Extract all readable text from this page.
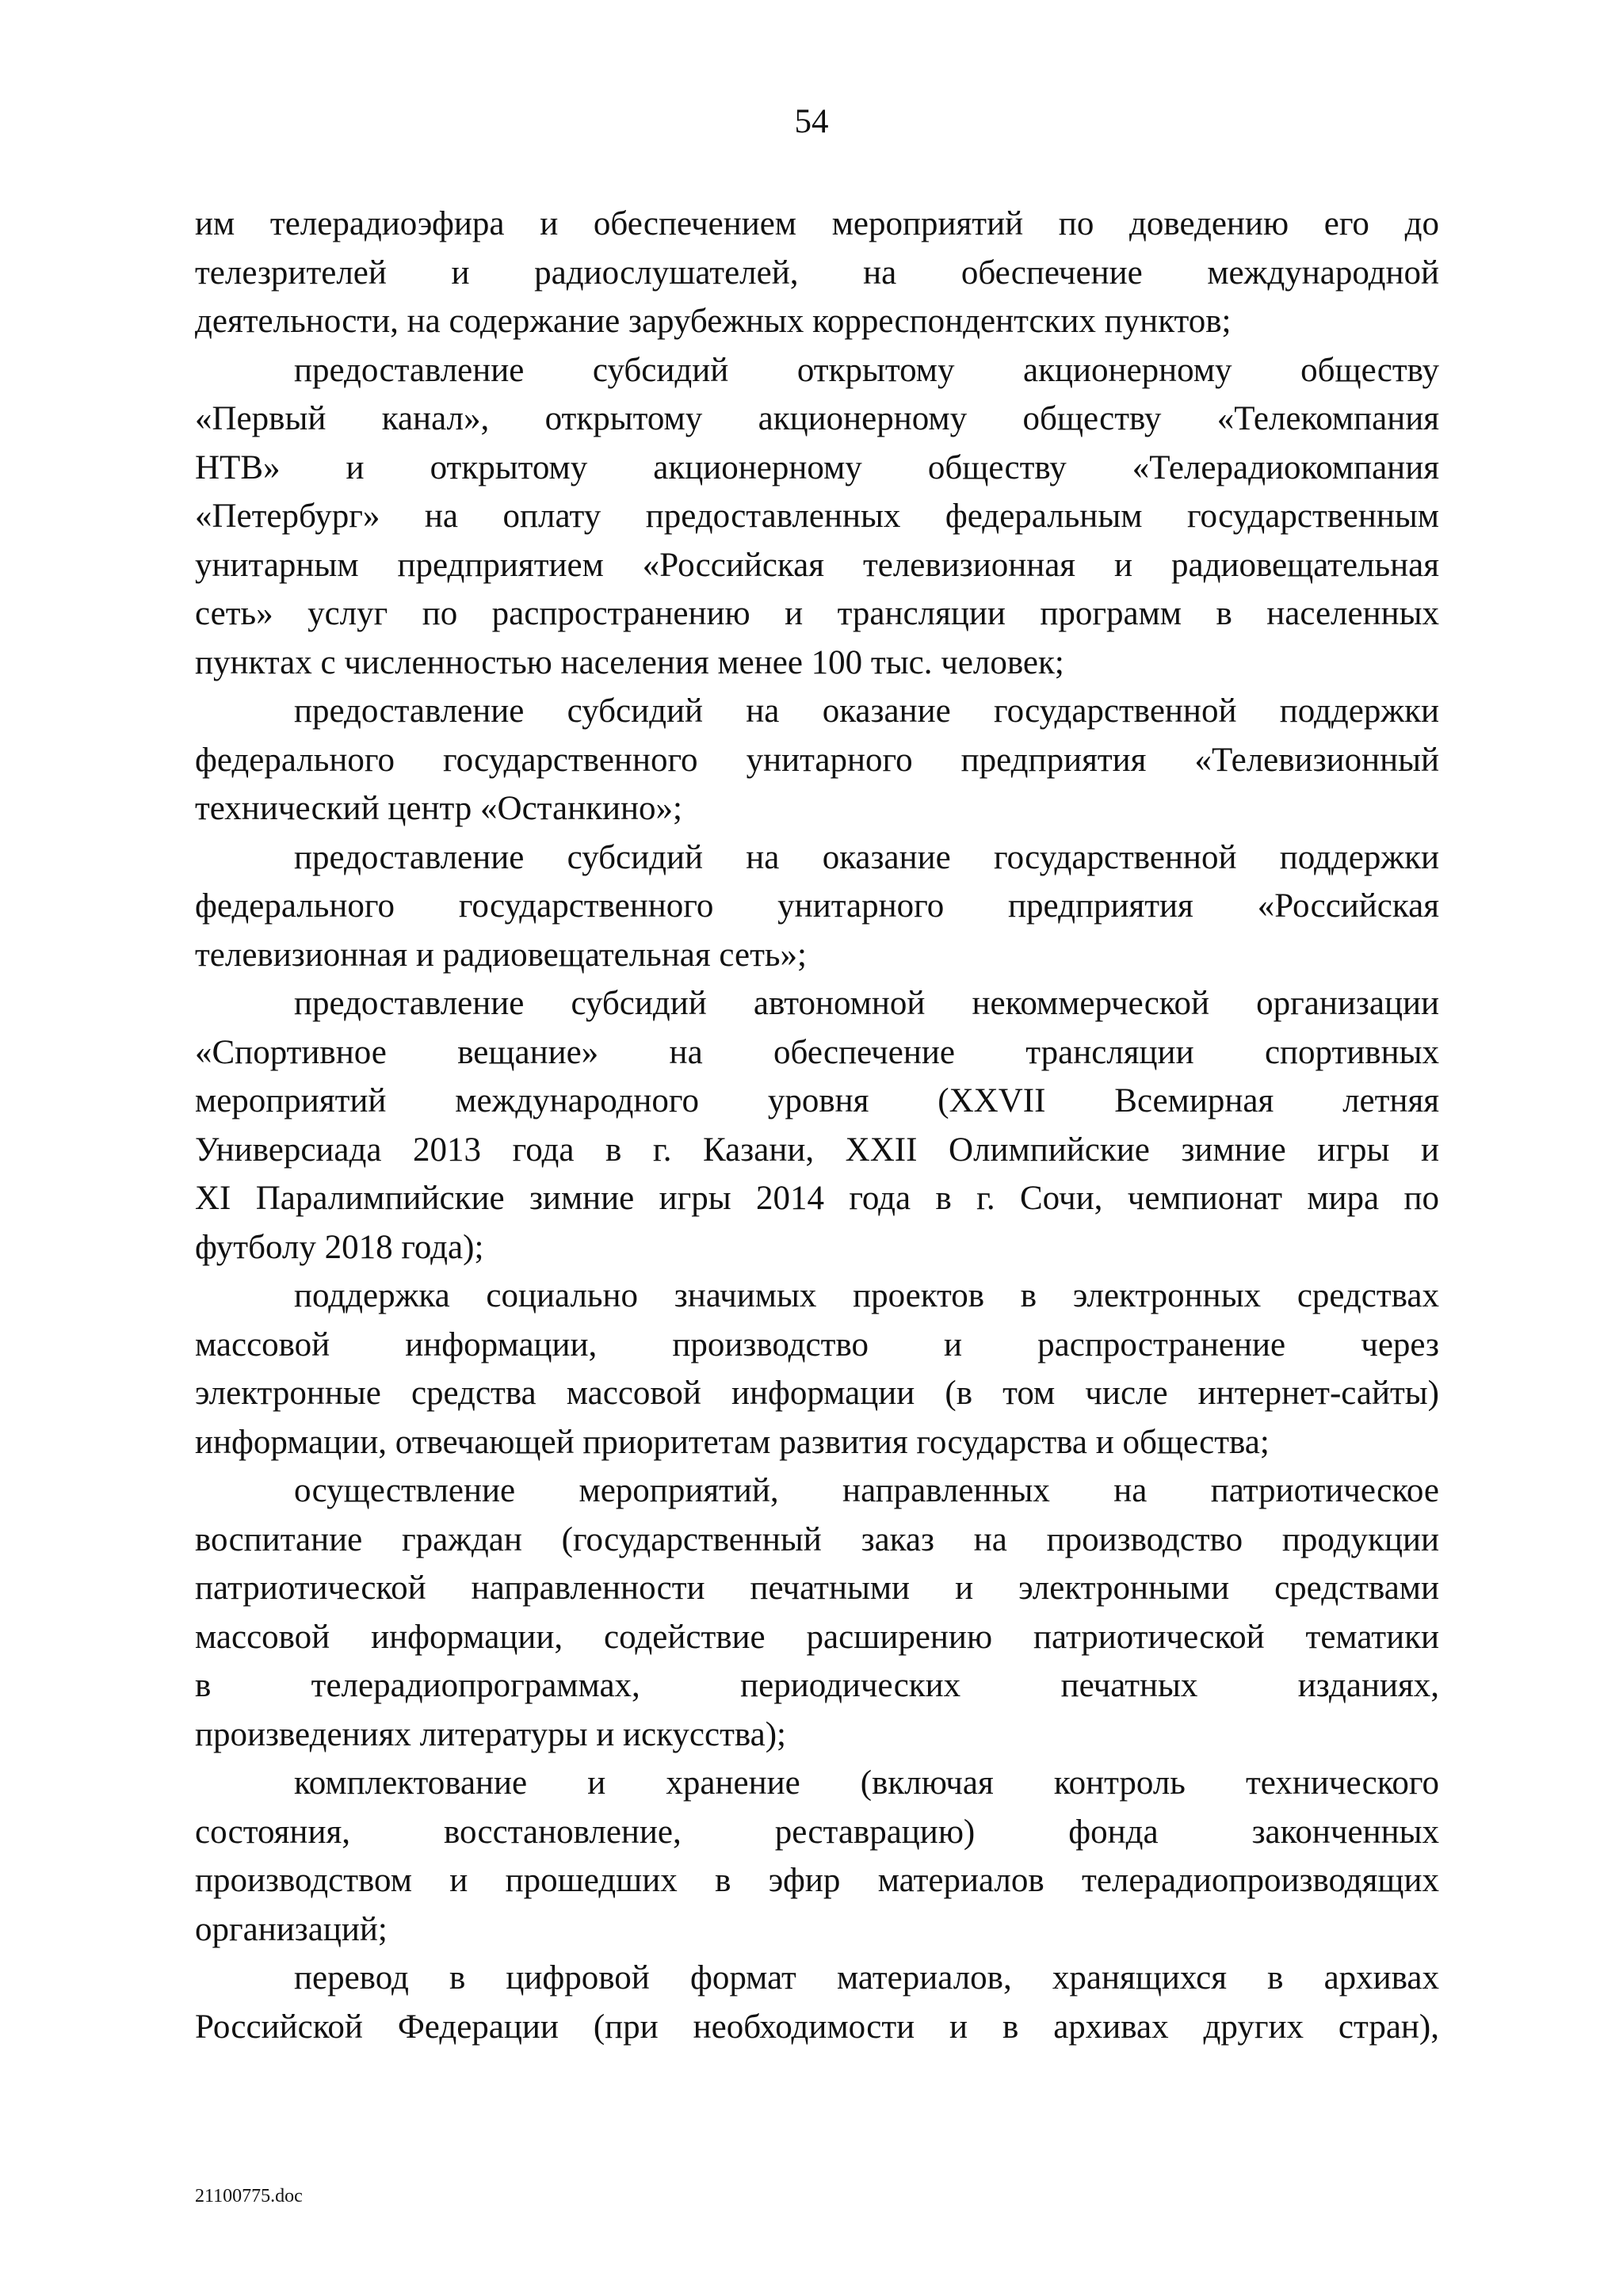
54
им телерадиоэфира и обеспечением мероприятий по доведению его до
телезрителей и радиослушателей, на обеспечение международной
деятельности, на содержание зарубежных корреспондентских пунктов;
предоставление субсидий открытому акционерному обществу
«Первый канал», открытому акционерному обществу «Телекомпания
НТВ» и открытому акционерному обществу «Телерадиокомпания
«Петербург» на оплату предоставленных федеральным государственным
унитарным предприятием «Российская телевизионная и радиовещательная
сеть» услуг по распространению и трансляции программ в населенных
пунктах с численностью населения менее 100 тыс. человек;
предоставление субсидий на оказание государственной поддержки
федерального государственного унитарного предприятия «Телевизионный
технический центр «Останкино»;
предоставление субсидий на оказание государственной поддержки
федерального государственного унитарного предприятия «Российская
телевизионная и радиовещательная сеть»;
предоставление субсидий автономной некоммерческой организации
«Спортивное вещание» на обеспечение трансляции спортивных
мероприятий международного уровня (XXVII Всемирная летняя
Универсиада 2013 года в г. Казани, XXII Олимпийские зимние игры и
XI Паралимпийские зимние игры 2014 года в г. Сочи, чемпионат мира по
футболу 2018 года);
поддержка социально значимых проектов в электронных средствах
массовой информации, производство и распространение через
электронные средства массовой информации (в том числе интернет-сайты)
информации, отвечающей приоритетам развития государства и общества;
осуществление мероприятий, направленных на патриотическое
воспитание граждан (государственный заказ на производство продукции
патриотической направленности печатными и электронными средствами
массовой информации, содействие расширению патриотической тематики
в телерадиопрограммах, периодических печатных изданиях,
произведениях литературы и искусства);
комплектование и хранение (включая контроль технического
состояния, восстановление, реставрацию) фонда законченных
производством и прошедших в эфир материалов телерадиопроизводящих
организаций;
перевод в цифровой формат материалов, хранящихся в архивах
Российской Федерации (при необходимости и в архивах других стран),
21100775.doc
